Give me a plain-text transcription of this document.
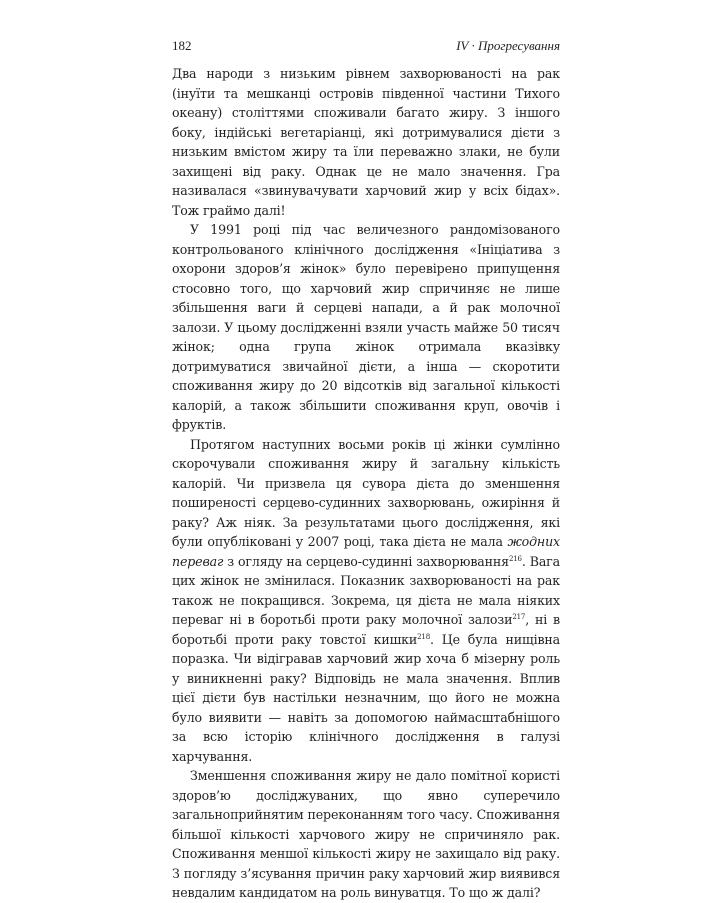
182	IV · Прогресування

Два народи з низьким рівнем захворюваності на рак (інуїти та мешканці островів південної частини Тихого океану) століттями споживали багато жиру. З іншого боку, індійські вегетаріанці, які дотримувалися дієти з низьким вмістом жиру та їли переважно злаки, не були захищені від раку. Однак це не мало значення. Гра називалася «звинувачувати харчовий жир у всіх бідах». Тож граймо далі!

У 1991 році під час величезного рандомізованого контрольованого клінічного дослідження «Ініціатива з охорони здоров’я жінок» було перевірено припущення стосовно того, що харчовий жир спричиняє не лише збільшення ваги й серцеві напади, а й рак молочної залози. У цьому дослідженні взяли участь майже 50 тисяч жінок; одна група жінок отримала вказівку дотримуватися звичайної дієти, а інша — скоротити споживання жиру до 20 відсотків від загальної кількості калорій, а також збільшити споживання круп, овочів і фруктів.

Протягом наступних восьми років ці жінки сумлінно скорочували споживання жиру й загальну кількість калорій. Чи призвела ця сувора дієта до зменшення поширеності серцево-судинних захворювань, ожиріння й раку? Аж ніяк. За результатами цього дослідження, які були опубліковані у 2007 році, така дієта не мала жодних переваг з огляду на серцево-судинні захворювання$^{216}$. Вага цих жінок не змінилася. Показник захворюваності на рак також не покращився. Зокрема, ця дієта не мала ніяких переваг ні в боротьбі проти раку молочної залози$^{217}$, ні в боротьбі проти раку товстої кишки$^{218}$. Це була нищівна поразка. Чи відігравав харчовий жир хоча б мізерну роль у виникненні раку? Відповідь не мала значення. Вплив цієї дієти був настільки незначним, що його не можна було виявити — навіть за допомогою наймасштабнішого за всю історію клінічного дослідження в галузі харчування.

Зменшення споживання жиру не дало помітної користі здоров’ю досліджуваних, що явно суперечило загальноприйнятим переконанням того часу. Споживання більшої кількості харчового жиру не спричиняло рак. Споживання меншої кількості жиру не захищало від раку. З погляду з’ясування причин раку харчовий жир виявився невдалим кандидатом на роль винуватця. То що ж далі?
